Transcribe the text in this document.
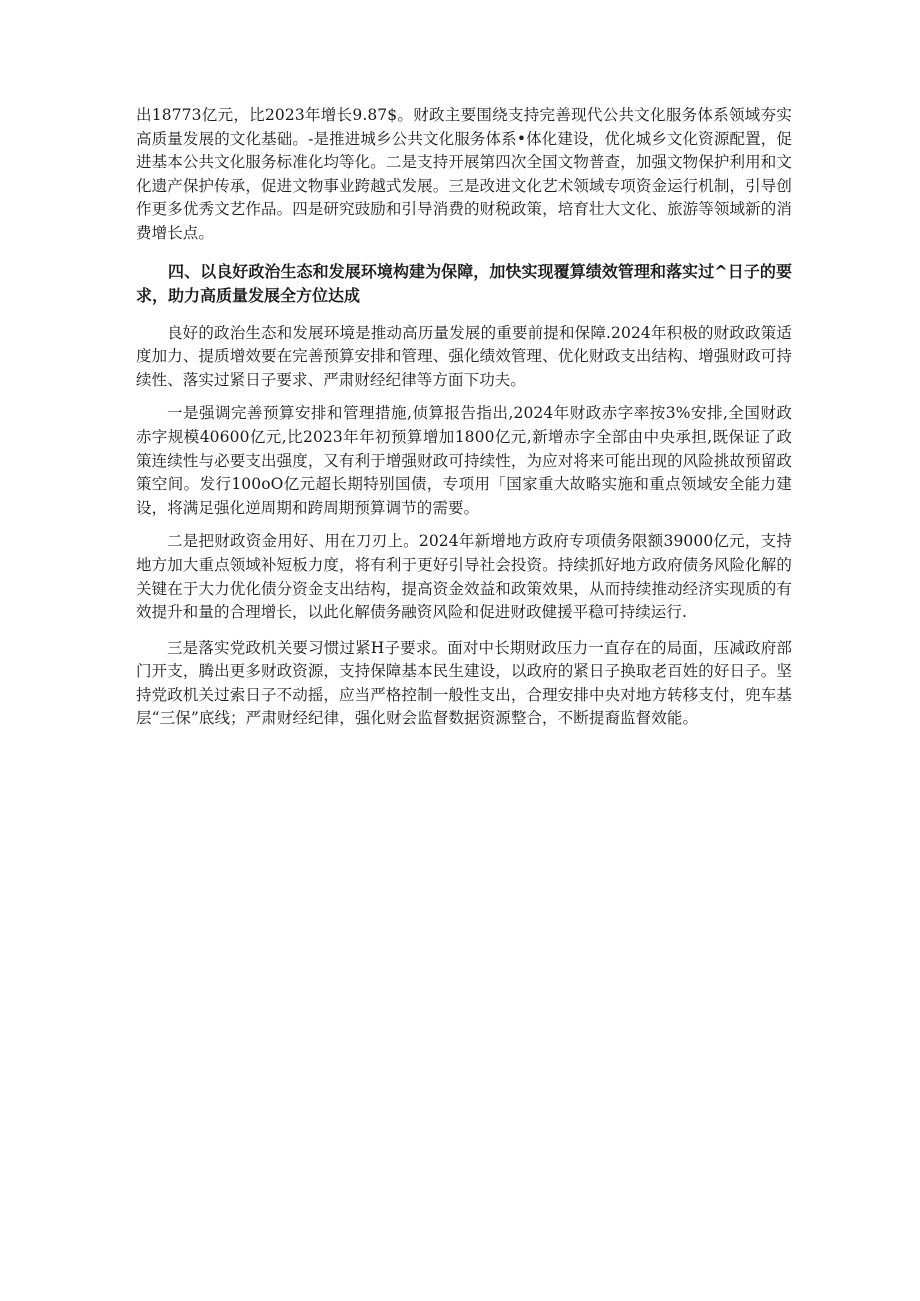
出18773亿元，比2023年增长9.87$。财政主要围绕支持完善现代公共文化服务体系领域夯实高质量发展的文化基础。-是推进城乡公共文化服务体系•体化建设，优化城乡文化资源配置，促进基本公共文化服务标准化均等化。二是支持开展第四次全国文物普查，加强文物保护利用和文化遗产保护传承，促进文物事业跨越式发展。三是改进文化艺术领域专项资金运行机制，引导创作更多优秀文艺作品。四是研究豉励和引导消费的财税政策，培育壮大文化、旅游等领域新的消费增长点。

四、以良好政治生态和发展环境构建为保障，加快实现覆算绩效管理和落实过^日子的要求，助力高质量发展全方位达成

良好的政治生态和发展环境是推动高历量发展的重要前提和保障.2024年积极的财政政策适度加力、提质增效要在完善预算安排和管理、强化绩效管理、优化财政支出结构、增强财政可持续性、落实过紧日子要求、严肃财经纪律等方面下功夫。

一是强调完善预算安排和管理措施,侦算报告指出,2024年财政赤字率按3%安排,全国财政赤字规模40600亿元,比2023年年初预算增加1800亿元,新增赤字全部由中央承担,既保证了政策连续性与必要支出强度，又有利于增强财政可持续性，为应对将来可能出现的风险挑故预留政策空间。发行100oO亿元超长期特别国债，专项用「国家重大故略实施和重点领域安全能力建设，将满足强化逆周期和跨周期预算调节的需要。

二是把财政资金用好、用在刀刃上。2024年新增地方政府专项债务限额39000亿元，支持地方加大重点领域补短板力度，将有利于更好引导社会投资。持续抓好地方政府债务风险化解的关键在于大力优化债分资金支出结构，提高资金效益和政策效果，从而持续推动经济实现质的有效提升和量的合理增长，以此化解债务融资风险和促进财政健援平稳可持续运行.

三是落实党政机关要习惯过紧H子要求。面对中长期财政压力一直存在的局面，压减政府部门开支，腾出更多财政资源，支持保障基本民生建设，以政府的紧日子换取老百姓的好日子。坚持党政机关过索日子不动摇，应当严格控制一般性支出，合理安排中央对地方转移支付，兜车基层“三保”底线；严肃财经纪律，强化财会监督数据资源整合，不断提裔监督效能。
